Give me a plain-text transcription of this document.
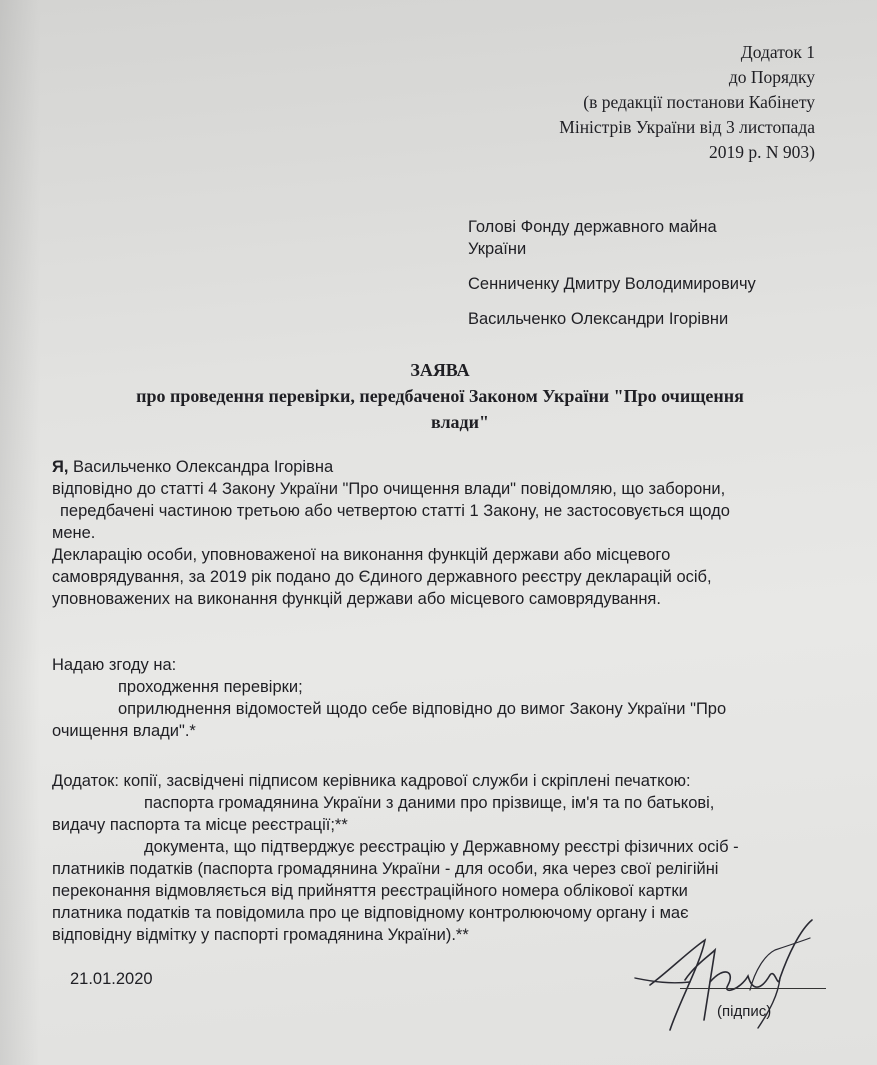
Додаток 1
до Порядку
(в редакції постанови Кабінету
Міністрів України від 3 листопада
2019 р. N 903)
Голові Фонду державного майна
України
Сенниченку Дмитру Володимировичу
Васильченко Олександри Ігорівни
ЗАЯВА
про проведення перевірки, передбаченої Законом України "Про очищення
влади"
Я, Васильченко Олександра Ігорівна
відповідно до статті 4 Закону України "Про очищення влади" повідомляю, що заборони,
передбачені частиною третьою або четвертою статті 1 Закону, не застосовується щодо
мене.
Декларацію особи, уповноваженої на виконання функцій держави або місцевого
самоврядування, за 2019 рік подано до Єдиного державного реєстру декларацій осіб,
уповноважених на виконання функцій держави або місцевого самоврядування.
Надаю згоду на:
проходження перевірки;
оприлюднення відомостей щодо себе відповідно до вимог Закону України "Про
очищення влади".*
Додаток: копії, засвідчені підписом керівника кадрової служби і скріплені печаткою:
паспорта громадянина України з даними про прізвище, ім'я та по батькові,
видачу паспорта та місце реєстрації;**
документа, що підтверджує реєстрацію у Державному реєстрі фізичних осіб -
платників податків (паспорта громадянина України - для особи, яка через свої релігійні
переконання відмовляється від прийняття реєстраційного номера облікової картки
платника податків та повідомила про це відповідному контролюючому органу і має
відповідну відмітку у паспорті громадянина України).**
21.01.2020
(підпис)
